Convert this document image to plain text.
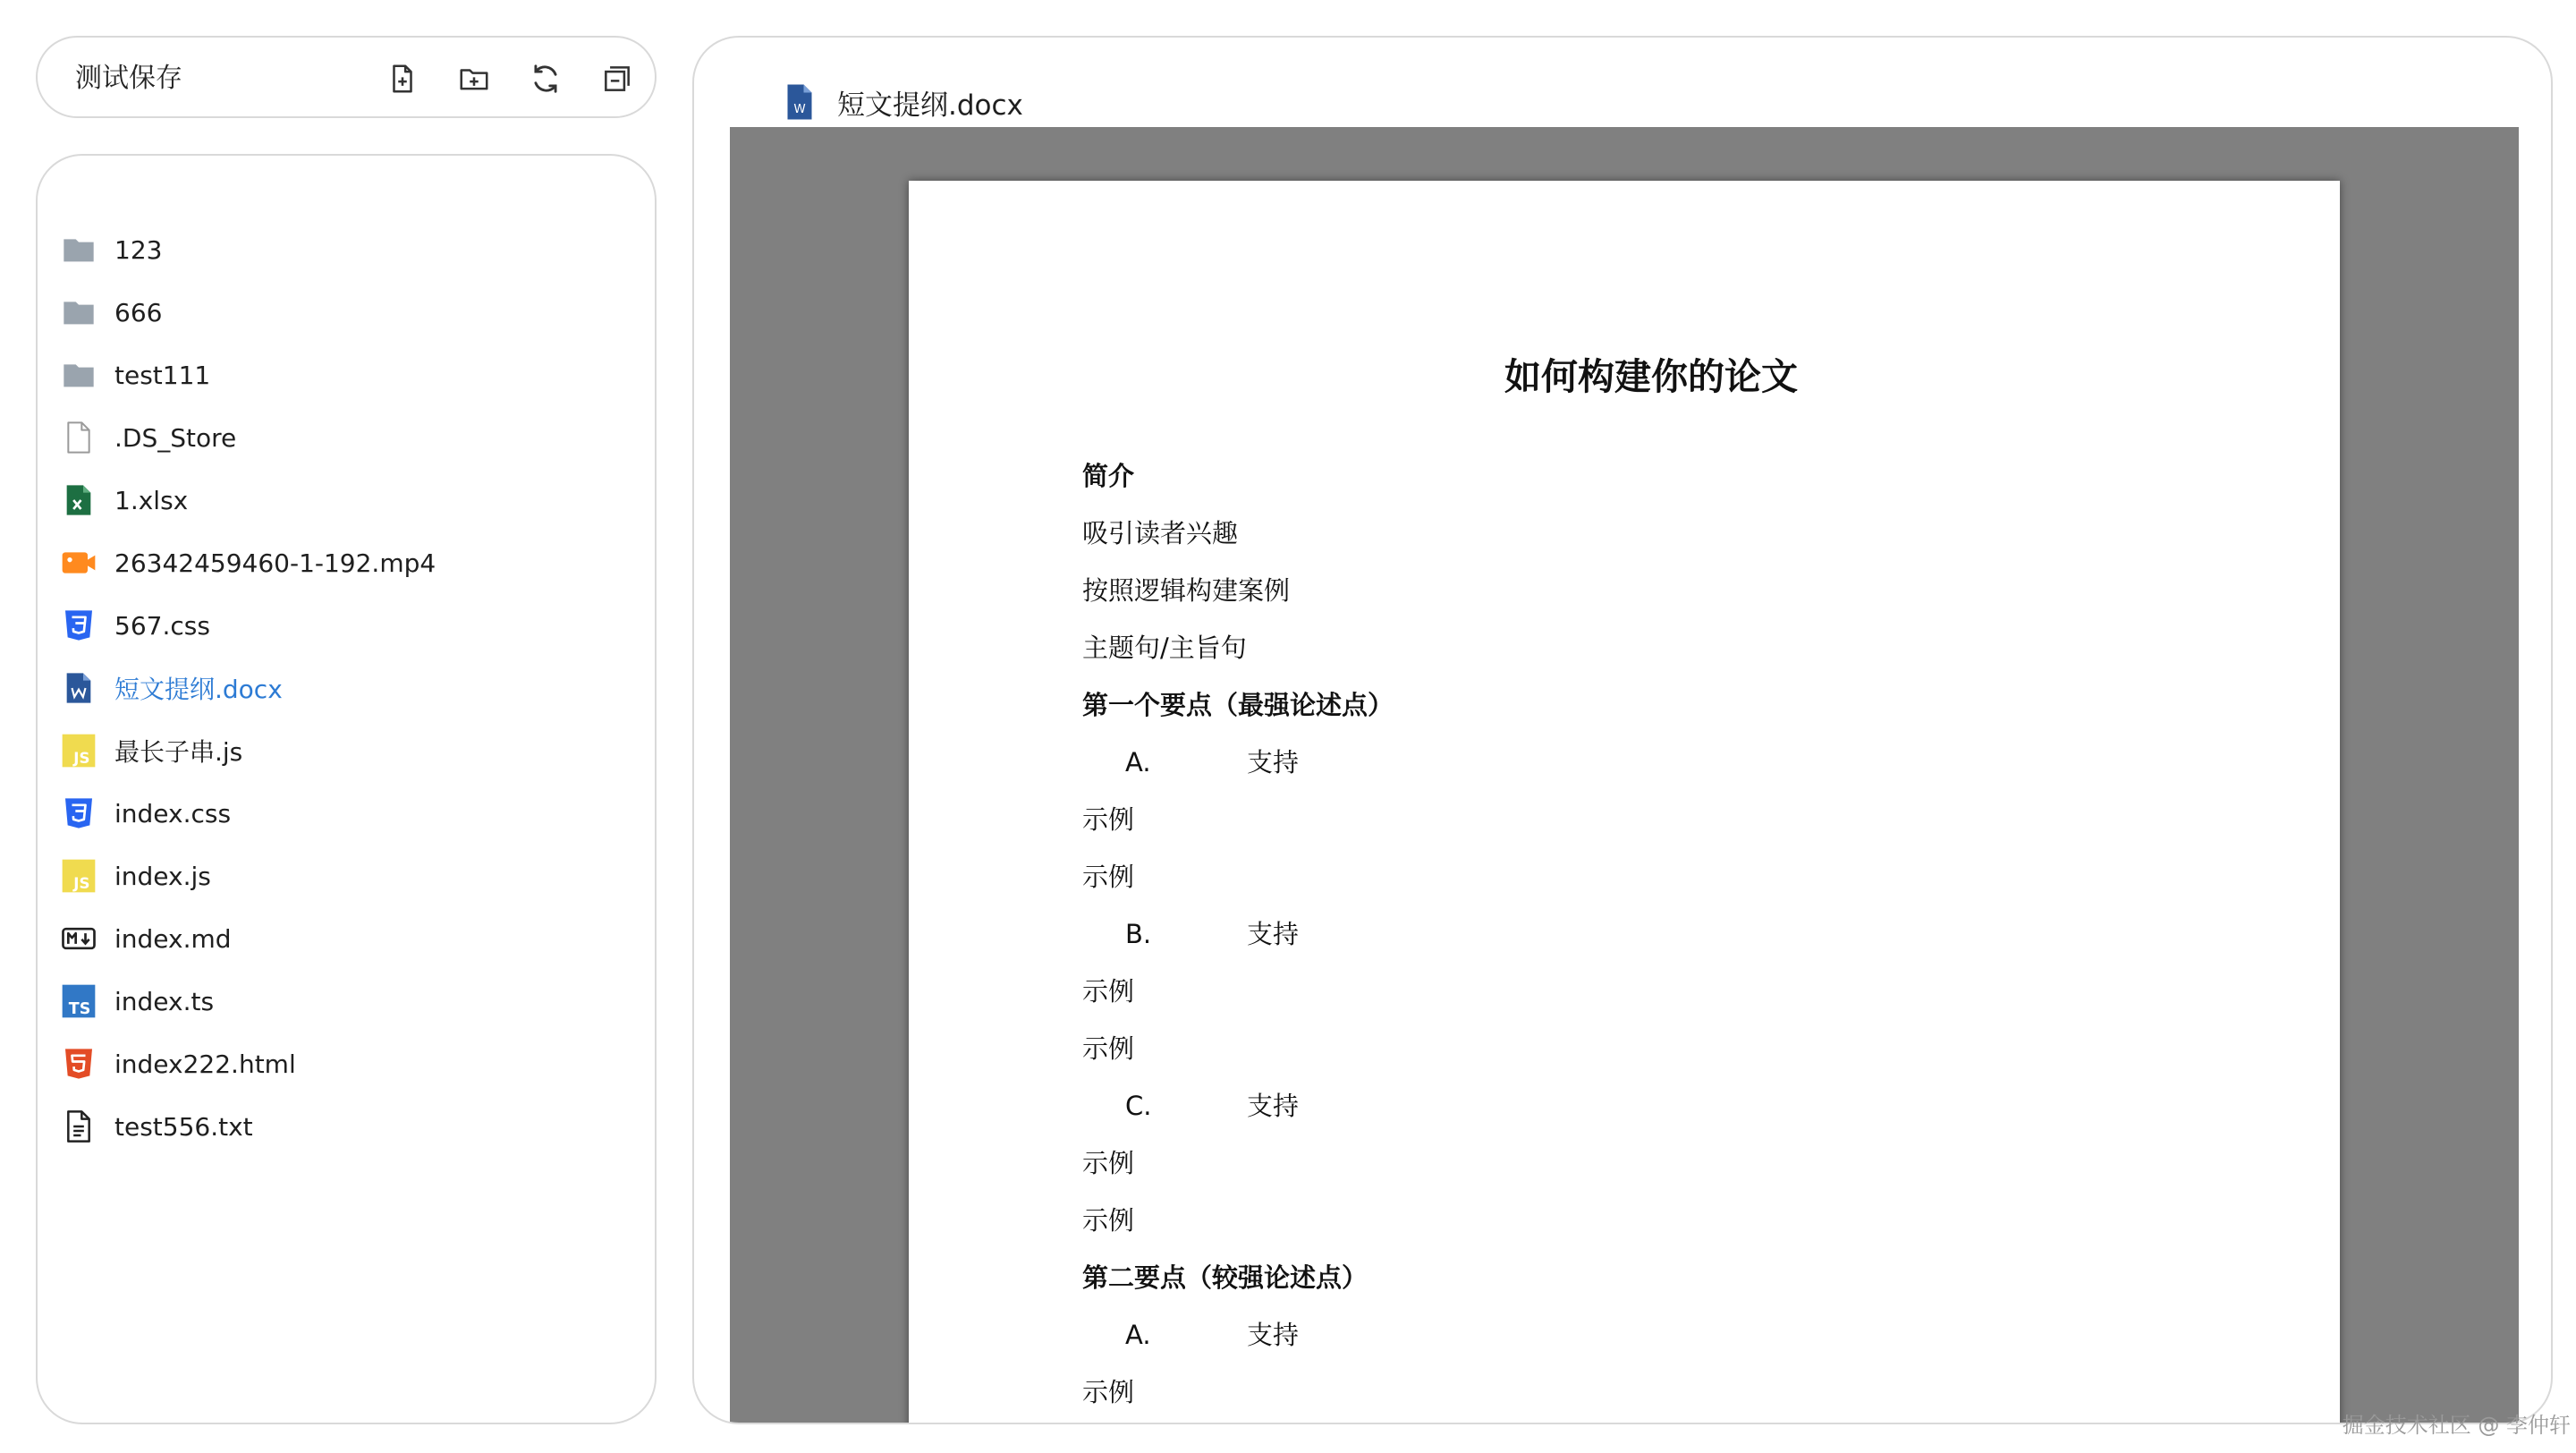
测试保存
123
666
test111
.DS_Store
1.xlsx
26342459460-1-192.mp4
567.css
短文提纲.docx
JS 最长子串.js
index.css
JS index.js
index.md
TS index.ts
index222.html
test556.txt
W 短文提纲.docx
如何构建你的论文
简介
吸引读者兴趣
按照逻辑构建案例
主题句/主旨句
第一个要点（最强论述点）
A.	支持
示例
示例
B.	支持
示例
示例
C.	支持
示例
示例
第二要点（较强论述点）
A.	支持
示例
掘金技术社区 @ 李仲轩
